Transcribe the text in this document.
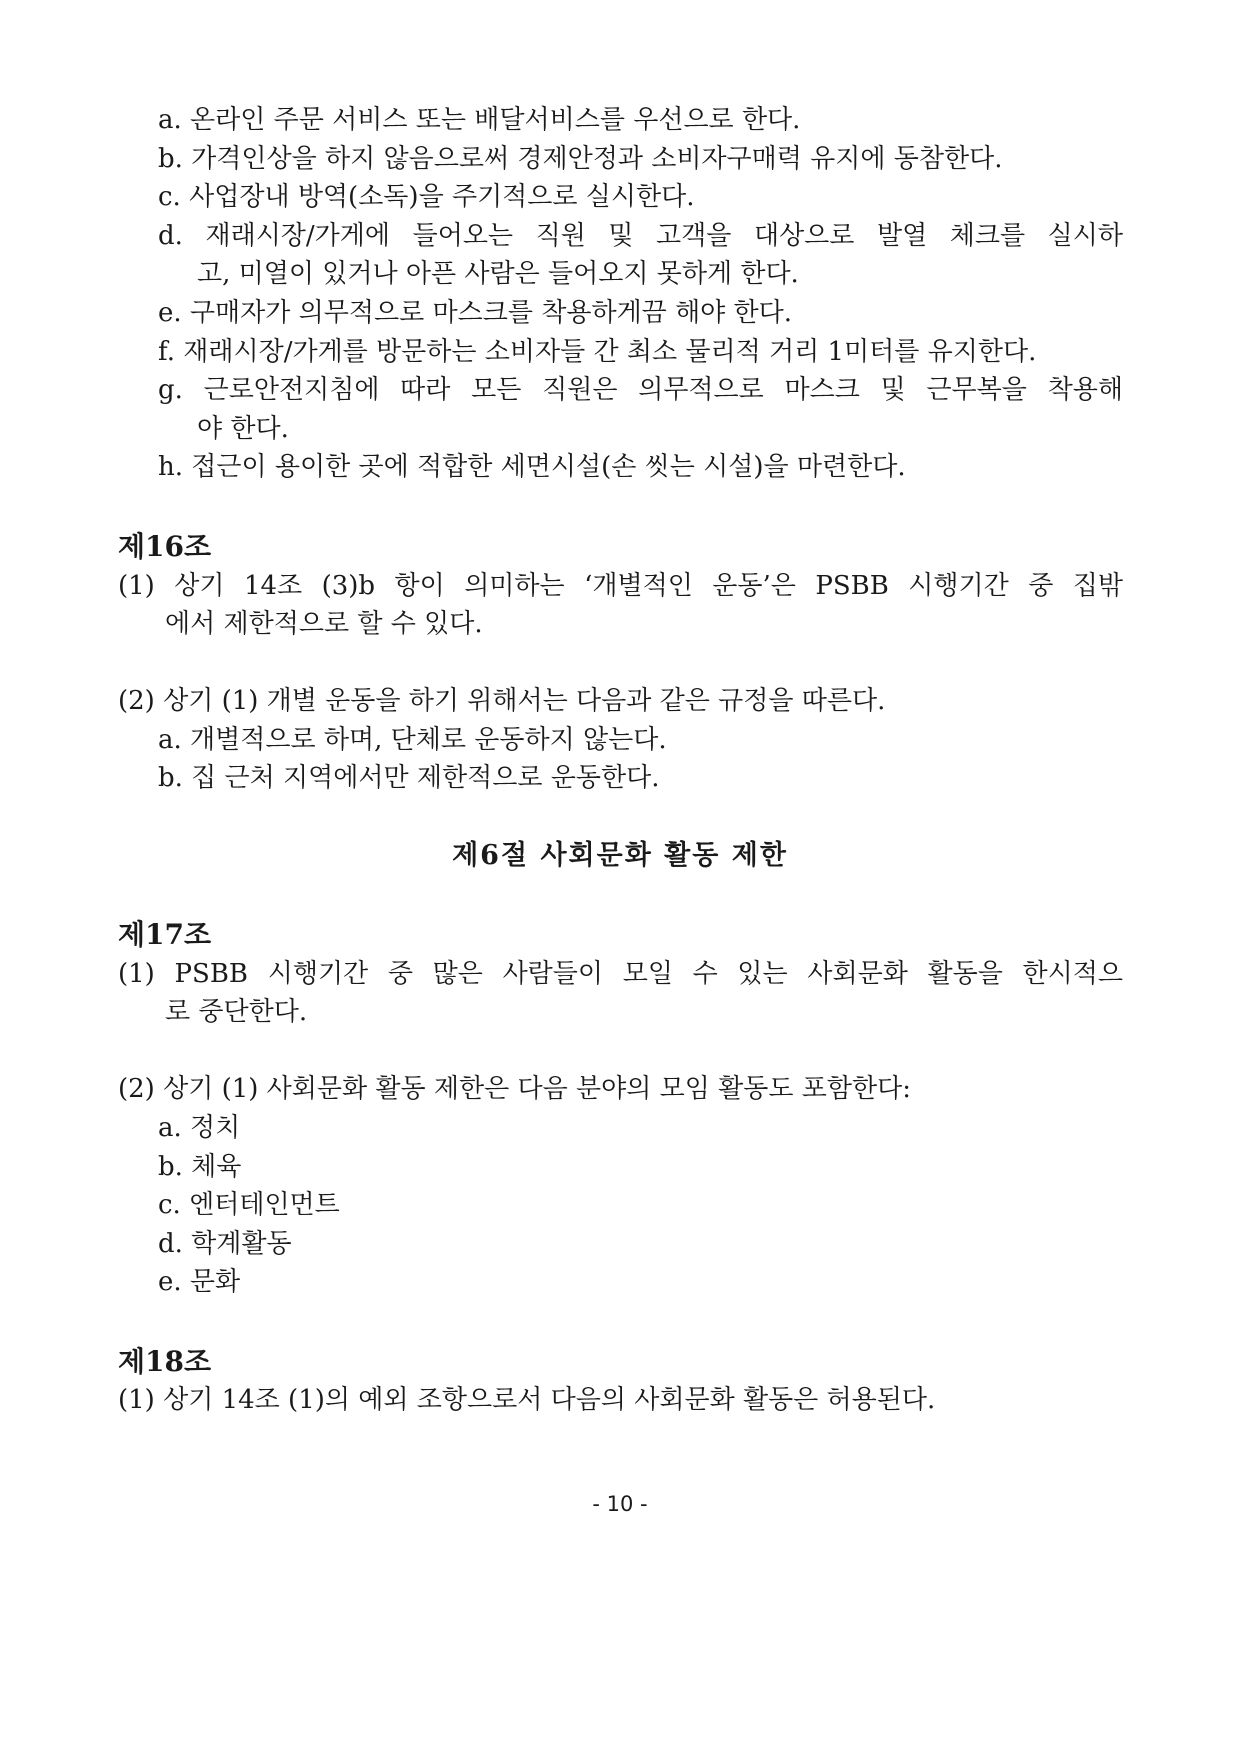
a. 온라인 주문 서비스 또는 배달서비스를 우선으로 한다.
b. 가격인상을 하지 않음으로써 경제안정과 소비자구매력 유지에 동참한다.
c. 사업장내 방역(소독)을 주기적으로 실시한다.
d. 재래시장/가게에 들어오는 직원 및 고객을 대상으로 발열 체크를 실시하
고, 미열이 있거나 아픈 사람은 들어오지 못하게 한다.
e. 구매자가 의무적으로 마스크를 착용하게끔 해야 한다.
f. 재래시장/가게를 방문하는 소비자들 간 최소 물리적 거리 1미터를 유지한다.
g. 근로안전지침에 따라 모든 직원은 의무적으로 마스크 및 근무복을 착용해
야 한다.
h. 접근이 용이한 곳에 적합한 세면시설(손 씻는 시설)을 마련한다.
제16조
(1) 상기 14조 (3)b 항이 의미하는 ‘개별적인 운동’은 PSBB 시행기간 중 집밖
에서 제한적으로 할 수 있다.
(2) 상기 (1) 개별 운동을 하기 위해서는 다음과 같은 규정을 따른다.
a. 개별적으로 하며, 단체로 운동하지 않는다.
b. 집 근처 지역에서만 제한적으로 운동한다.
제6절 사회문화 활동 제한
제17조
(1) PSBB 시행기간 중 많은 사람들이 모일 수 있는 사회문화 활동을 한시적으
로 중단한다.
(2) 상기 (1) 사회문화 활동 제한은 다음 분야의 모임 활동도 포함한다:
a. 정치
b. 체육
c. 엔터테인먼트
d. 학계활동
e. 문화
제18조
(1) 상기 14조 (1)의 예외 조항으로서 다음의 사회문화 활동은 허용된다.
- 10 -
